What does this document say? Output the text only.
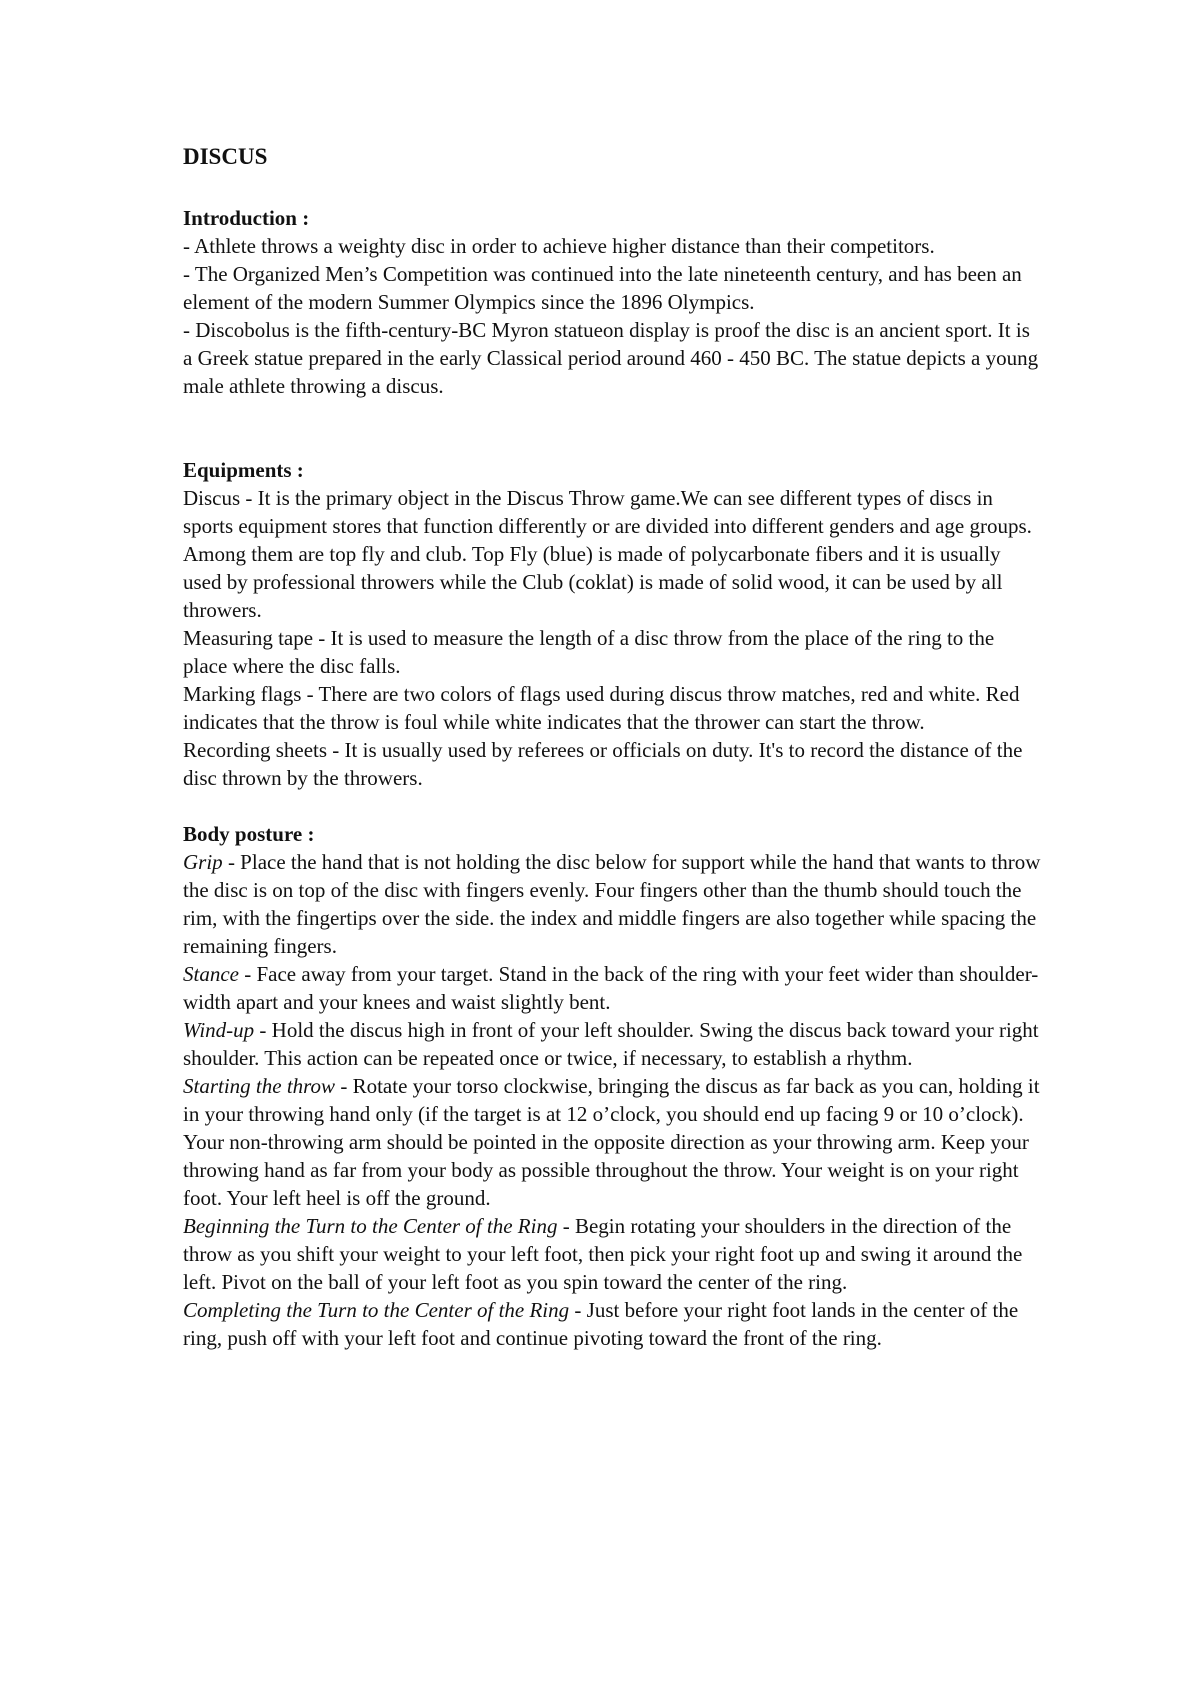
DISCUS

Introduction :

- Athlete throws a weighty disc in order to achieve higher distance than their competitors.

- The Organized Men’s Competition was continued into the late nineteenth century, and has been an element of the modern Summer Olympics since the 1896 Olympics.

- Discobolus is the fifth-century-BC Myron statueon display is proof the disc is an ancient sport. It is a Greek statue prepared in the early Classical period around 460 - 450 BC. The statue depicts a young male athlete throwing a discus.

Equipments :

Discus - It is the primary object in the Discus Throw game.We can see different types of discs in sports equipment stores that function differently or are divided into different genders and age groups. Among them are top fly and club. Top Fly (blue) is made of polycarbonate fibers and it is usually used by professional throwers while the Club (coklat) is made of solid wood, it can be used by all throwers.

Measuring tape - It is used to measure the length of a disc throw from the place of the ring to the place where the disc falls.

Marking flags - There are two colors of flags used during discus throw matches, red and white. Red indicates that the throw is foul while white indicates that the thrower can start the throw.

Recording sheets - It is usually used by referees or officials on duty. It's to record the distance of the disc thrown by the throwers.

Body posture :

Grip - Place the hand that is not holding the disc below for support while the hand that wants to throw the disc is on top of the disc with fingers evenly. Four fingers other than the thumb should touch the rim, with the fingertips over the side. the index and middle fingers are also together while spacing the remaining fingers.

Stance - Face away from your target. Stand in the back of the ring with your feet wider than shoulder-width apart and your knees and waist slightly bent.

Wind-up - Hold the discus high in front of your left shoulder. Swing the discus back toward your right shoulder. This action can be repeated once or twice, if necessary, to establish a rhythm.

Starting the throw - Rotate your torso clockwise, bringing the discus as far back as you can, holding it in your throwing hand only (if the target is at 12 o’clock, you should end up facing 9 or 10 o’clock). Your non-throwing arm should be pointed in the opposite direction as your throwing arm. Keep your throwing hand as far from your body as possible throughout the throw. Your weight is on your right foot. Your left heel is off the ground.

Beginning the Turn to the Center of the Ring - Begin rotating your shoulders in the direction of the throw as you shift your weight to your left foot, then pick your right foot up and swing it around the left. Pivot on the ball of your left foot as you spin toward the center of the ring.

Completing the Turn to the Center of the Ring - Just before your right foot lands in the center of the ring, push off with your left foot and continue pivoting toward the front of the ring.
